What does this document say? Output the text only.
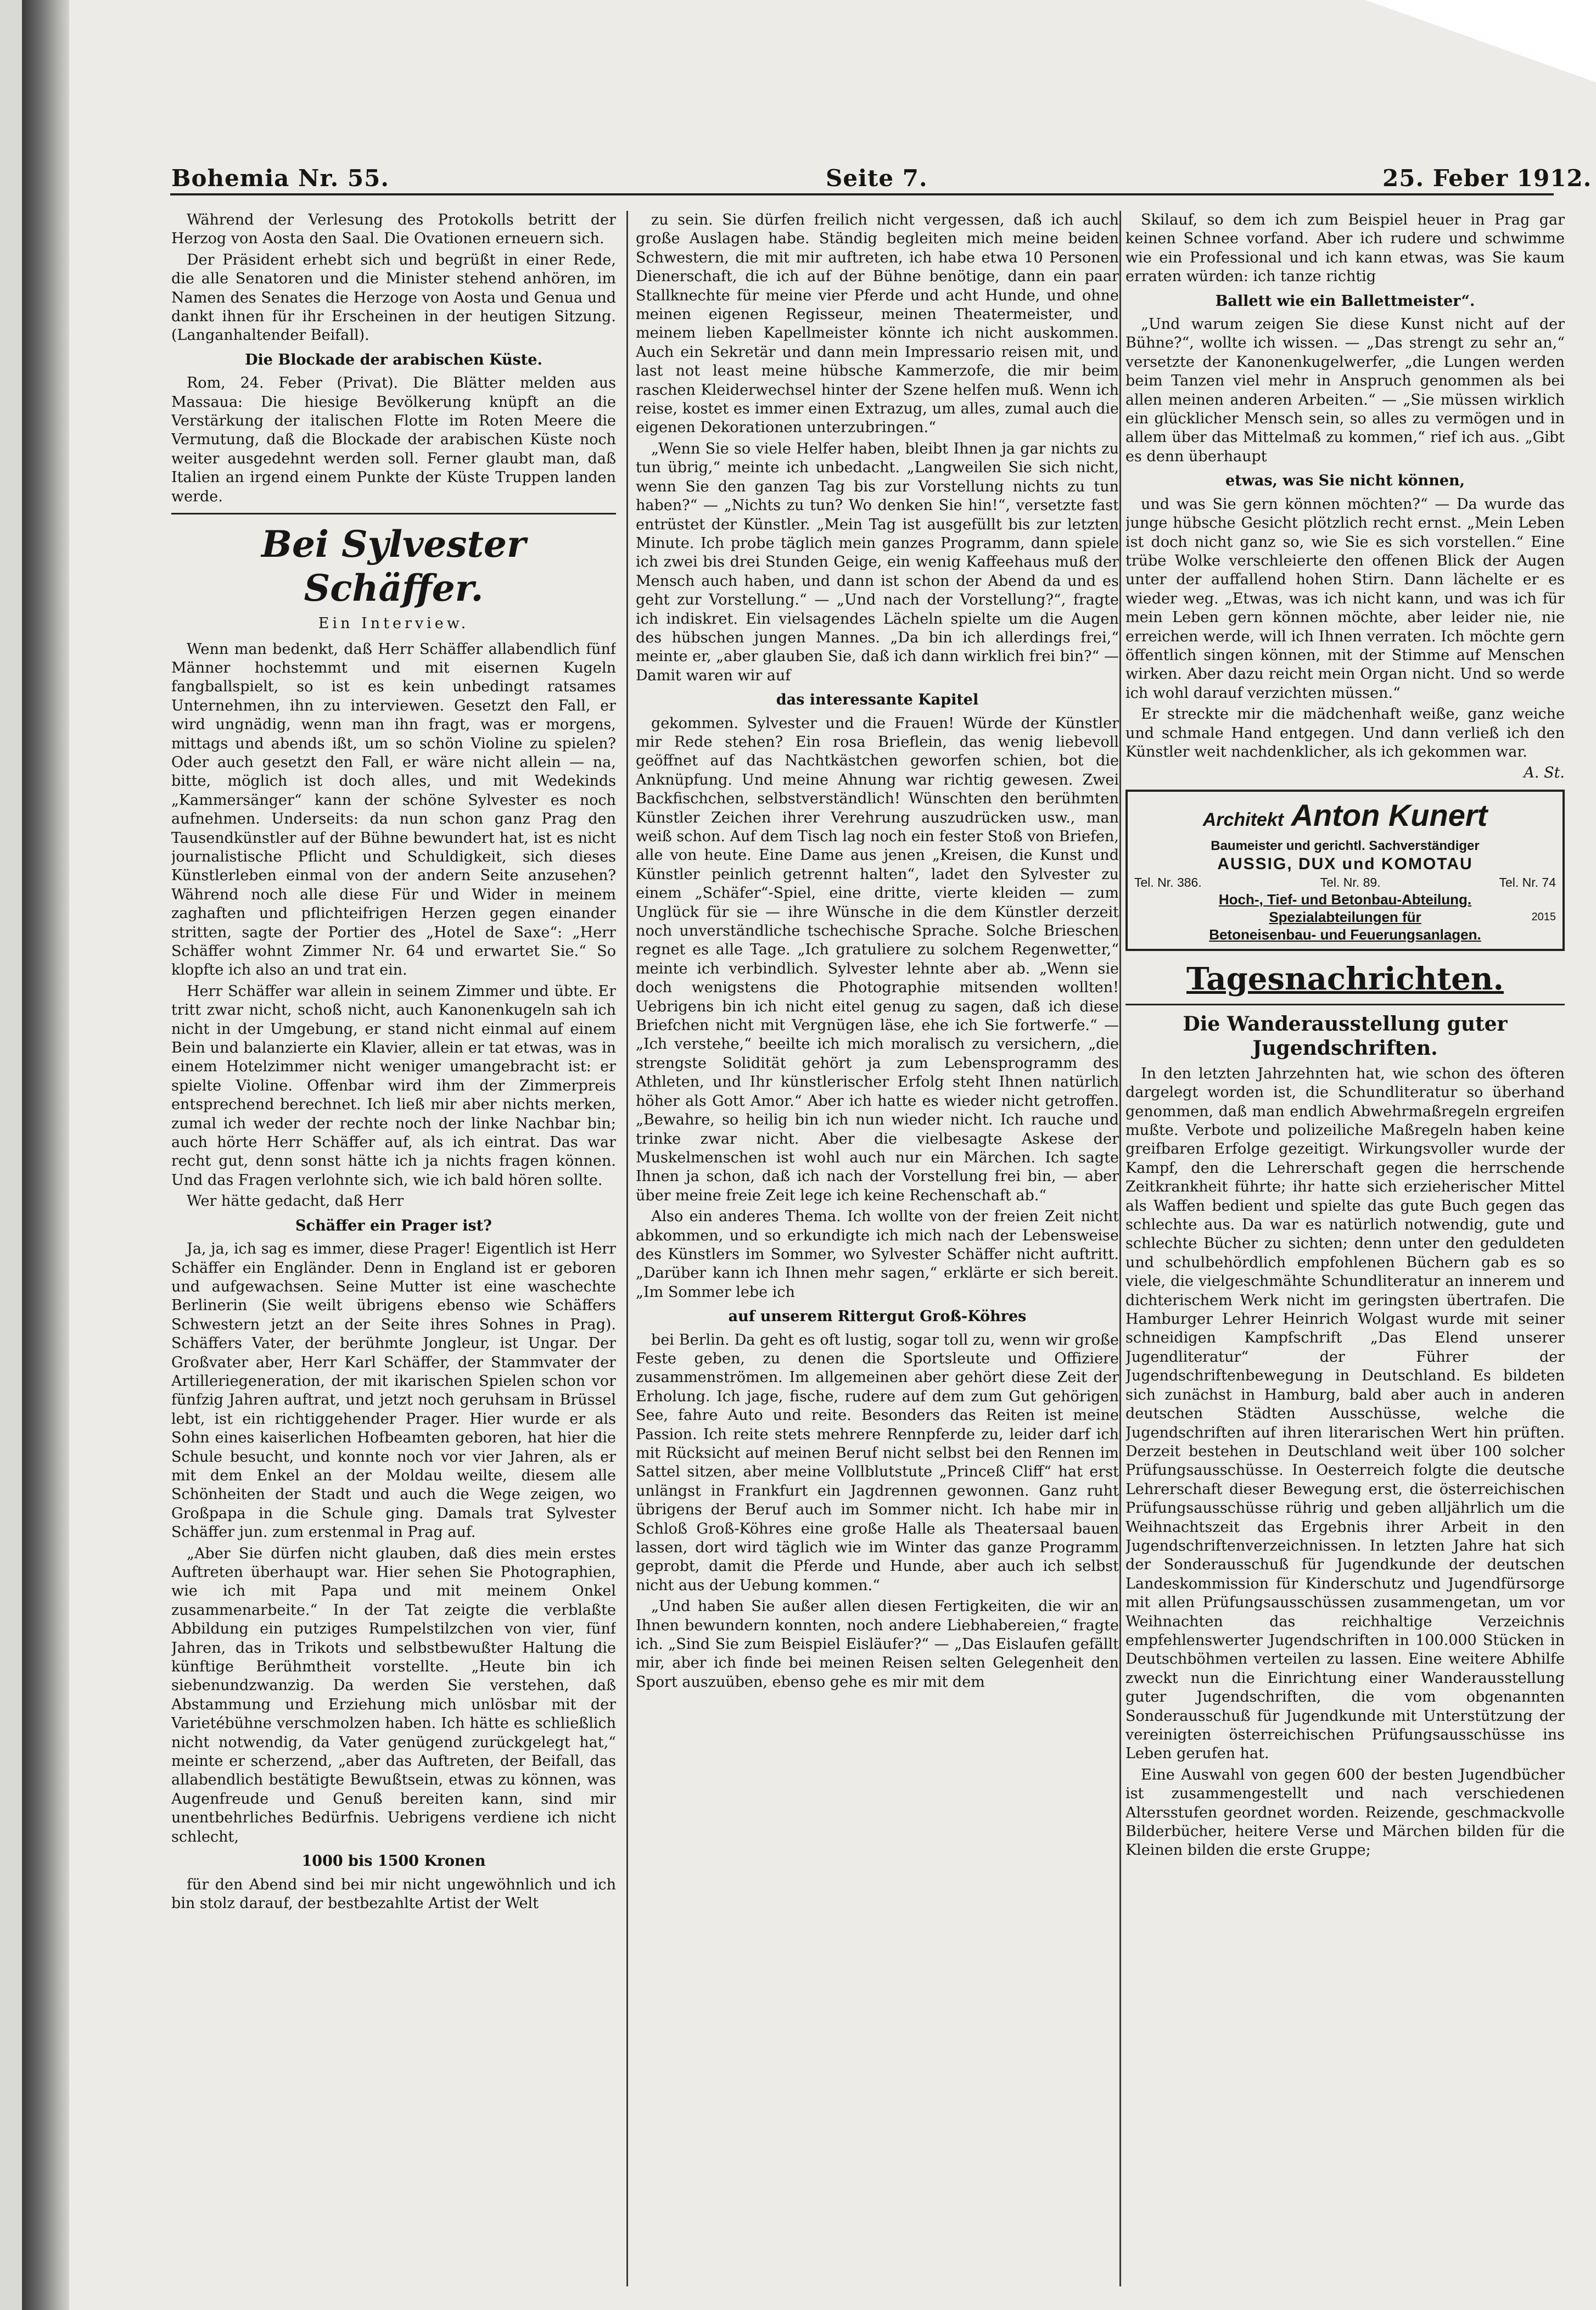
Bohemia Nr. 55.	Seite 7.	25. Feber 1912.

Während der Verlesung des Protokolls betritt der Herzog von Aosta den Saal. Die Ovationen erneuern sich.

Der Präsident erhebt sich und begrüßt in einer Rede, die alle Senatoren und die Minister stehend anhören, im Namen des Senates die Herzoge von Aosta und Genua und dankt ihnen für ihr Erscheinen in der heutigen Sitzung. (Langanhaltender Beifall).

Die Blockade der arabischen Küste.

Rom, 24. Feber (Privat). Die Blätter melden aus Massaua: Die hiesige Bevölkerung knüpft an die Verstärkung der italischen Flotte im Roten Meere die Vermutung, daß die Blockade der arabischen Küste noch weiter ausgedehnt werden soll. Ferner glaubt man, daß Italien an irgend einem Punkte der Küste Truppen landen werde.

Bei Sylvester Schäffer.
Ein Interview.

Wenn man bedenkt, daß Herr Schäffer allabendlich fünf Männer hochstemmt und mit eisernen Kugeln fangballspielt, so ist es kein unbedingt ratsames Unternehmen, ihn zu interviewen. Gesetzt den Fall, er wird ungnädig, wenn man ihn fragt, was er morgens, mittags und abends ißt, um so schön Violine zu spielen? Oder auch gesetzt den Fall, er wäre nicht allein — na, bitte, möglich ist doch alles, und mit Wedekinds „Kammersänger“ kann der schöne Sylvester es noch aufnehmen. Underseits: da nun schon ganz Prag den Tausendkünstler auf der Bühne bewundert hat, ist es nicht journalistische Pflicht und Schuldigkeit, sich dieses Künstlerleben einmal von der andern Seite anzusehen? Während noch alle diese Für und Wider in meinem zaghaften und pflichteifrigen Herzen gegen einander stritten, sagte der Portier des „Hotel de Saxe“: „Herr Schäffer wohnt Zimmer Nr. 64 und erwartet Sie.“ So klopfte ich also an und trat ein.

Herr Schäffer war allein in seinem Zimmer und übte. Er tritt zwar nicht, schoß nicht, auch Kanonenkugeln sah ich nicht in der Umgebung, er stand nicht einmal auf einem Bein und balanzierte ein Klavier, allein er tat etwas, was in einem Hotelzimmer nicht weniger umangebracht ist: er spielte Violine. Offenbar wird ihm der Zimmerpreis entsprechend berechnet. Ich ließ mir aber nichts merken, zumal ich weder der rechte noch der linke Nachbar bin; auch hörte Herr Schäffer auf, als ich eintrat. Das war recht gut, denn sonst hätte ich ja nichts fragen können. Und das Fragen verlohnte sich, wie ich bald hören sollte.

Wer hätte gedacht, daß Herr

Schäffer ein Prager ist?

Ja, ja, ich sag es immer, diese Prager! Eigentlich ist Herr Schäffer ein Engländer. Denn in England ist er geboren und aufgewachsen. Seine Mutter ist eine waschechte Berlinerin (Sie weilt übrigens ebenso wie Schäffers Schwestern jetzt an der Seite ihres Sohnes in Prag). Schäffers Vater, der berühmte Jongleur, ist Ungar. Der Großvater aber, Herr Karl Schäffer, der Stammvater der Artilleriegeneration, der mit ikarischen Spielen schon vor fünfzig Jahren auftrat, und jetzt noch geruhsam in Brüssel lebt, ist ein richtiggehender Prager. Hier wurde er als Sohn eines kaiserlichen Hofbeamten geboren, hat hier die Schule besucht, und konnte noch vor vier Jahren, als er mit dem Enkel an der Moldau weilte, diesem alle Schönheiten der Stadt und auch die Wege zeigen, wo Großpapa in die Schule ging. Damals trat Sylvester Schäffer jun. zum erstenmal in Prag auf.

„Aber Sie dürfen nicht glauben, daß dies mein erstes Auftreten überhaupt war. Hier sehen Sie Photographien, wie ich mit Papa und mit meinem Onkel zusammenarbeite.“ In der Tat zeigte die verblaßte Abbildung ein putziges Rumpelstilzchen von vier, fünf Jahren, das in Trikots und selbstbewußter Haltung die künftige Berühmtheit vorstellte. „Heute bin ich siebenundzwanzig. Da werden Sie verstehen, daß Abstammung und Erziehung mich unlösbar mit der Varietébühne verschmolzen haben. Ich hätte es schließlich nicht notwendig, da Vater genügend zurückgelegt hat,“ meinte er scherzend, „aber das Auftreten, der Beifall, das allabendlich bestätigte Bewußtsein, etwas zu können, was Augenfreude und Genuß bereiten kann, sind mir unentbehrliches Bedürfnis. Uebrigens verdiene ich nicht schlecht,

1000 bis 1500 Kronen

für den Abend sind bei mir nicht ungewöhnlich und ich bin stolz darauf, der bestbezahlte Artist der Welt

zu sein. Sie dürfen freilich nicht vergessen, daß ich auch große Auslagen habe. Ständig begleiten mich meine beiden Schwestern, die mit mir auftreten, ich habe etwa 10 Personen Dienerschaft, die ich auf der Bühne benötige, dann ein paar Stallknechte für meine vier Pferde und acht Hunde, und ohne meinen eigenen Regisseur, meinen Theatermeister, und meinem lieben Kapellmeister könnte ich nicht auskommen. Auch ein Sekretär und dann mein Impressario reisen mit, und last not least meine hübsche Kammerzofe, die mir beim raschen Kleiderwechsel hinter der Szene helfen muß. Wenn ich reise, kostet es immer einen Extrazug, um alles, zumal auch die eigenen Dekorationen unterzubringen.“

„Wenn Sie so viele Helfer haben, bleibt Ihnen ja gar nichts zu tun übrig,“ meinte ich unbedacht. „Langweilen Sie sich nicht, wenn Sie den ganzen Tag bis zur Vorstellung nichts zu tun haben?“ — „Nichts zu tun? Wo denken Sie hin!“, versetzte fast entrüstet der Künstler. „Mein Tag ist ausgefüllt bis zur letzten Minute. Ich probe täglich mein ganzes Programm, dann spiele ich zwei bis drei Stunden Geige, ein wenig Kaffeehaus muß der Mensch auch haben, und dann ist schon der Abend da und es geht zur Vorstellung.“ — „Und nach der Vorstellung?“, fragte ich indiskret. Ein vielsagendes Lächeln spielte um die Augen des hübschen jungen Mannes. „Da bin ich allerdings frei,“ meinte er, „aber glauben Sie, daß ich dann wirklich frei bin?“ — Damit waren wir auf

das interessante Kapitel

gekommen. Sylvester und die Frauen! Würde der Künstler mir Rede stehen? Ein rosa Brieflein, das wenig liebevoll geöffnet auf das Nachtkästchen geworfen schien, bot die Anknüpfung. Und meine Ahnung war richtig gewesen. Zwei Backfischchen, selbstverständlich! Wünschten den berühmten Künstler Zeichen ihrer Verehrung auszudrücken usw., man weiß schon. Auf dem Tisch lag noch ein fester Stoß von Briefen, alle von heute. Eine Dame aus jenen „Kreisen, die Kunst und Künstler peinlich getrennt halten“, ladet den Sylvester zu einem „Schäfer“-Spiel, eine dritte, vierte kleiden — zum Unglück für sie — ihre Wünsche in die dem Künstler derzeit noch unverständliche tschechische Sprache. Solche Brieschen regnet es alle Tage. „Ich gratuliere zu solchem Regenwetter,“ meinte ich verbindlich. Sylvester lehnte aber ab. „Wenn sie doch wenigstens die Photographie mitsenden wollten! Uebrigens bin ich nicht eitel genug zu sagen, daß ich diese Briefchen nicht mit Vergnügen läse, ehe ich Sie fortwerfe.“ — „Ich verstehe,“ beeilte ich mich moralisch zu versichern, „die strengste Solidität gehört ja zum Lebensprogramm des Athleten, und Ihr künstlerischer Erfolg steht Ihnen natürlich höher als Gott Amor.“ Aber ich hatte es wieder nicht getroffen. „Bewahre, so heilig bin ich nun wieder nicht. Ich rauche und trinke zwar nicht. Aber die vielbesagte Askese der Muskelmenschen ist wohl auch nur ein Märchen. Ich sagte Ihnen ja schon, daß ich nach der Vorstellung frei bin, — aber über meine freie Zeit lege ich keine Rechenschaft ab.“

Also ein anderes Thema. Ich wollte von der freien Zeit nicht abkommen, und so erkundigte ich mich nach der Lebensweise des Künstlers im Sommer, wo Sylvester Schäffer nicht auftritt. „Darüber kann ich Ihnen mehr sagen,“ erklärte er sich bereit. „Im Sommer lebe ich

auf unserem Rittergut Groß-Köhres

bei Berlin. Da geht es oft lustig, sogar toll zu, wenn wir große Feste geben, zu denen die Sportsleute und Offiziere zusammenströmen. Im allgemeinen aber gehört diese Zeit der Erholung. Ich jage, fische, rudere auf dem zum Gut gehörigen See, fahre Auto und reite. Besonders das Reiten ist meine Passion. Ich reite stets mehrere Rennpferde zu, leider darf ich mit Rücksicht auf meinen Beruf nicht selbst bei den Rennen im Sattel sitzen, aber meine Vollblutstute „Princeß Cliff“ hat erst unlängst in Frankfurt ein Jagdrennen gewonnen. Ganz ruht übrigens der Beruf auch im Sommer nicht. Ich habe mir in Schloß Groß-Köhres eine große Halle als Theatersaal bauen lassen, dort wird täglich wie im Winter das ganze Programm geprobt, damit die Pferde und Hunde, aber auch ich selbst nicht aus der Uebung kommen.“

„Und haben Sie außer allen diesen Fertigkeiten, die wir an Ihnen bewundern konnten, noch andere Liebhabereien,“ fragte ich. „Sind Sie zum Beispiel Eisläufer?“ — „Das Eislaufen gefällt mir, aber ich finde bei meinen Reisen selten Gelegenheit den Sport auszuüben, ebenso gehe es mir mit dem

Skilauf, so dem ich zum Beispiel heuer in Prag gar keinen Schnee vorfand. Aber ich rudere und schwimme wie ein Professional und ich kann etwas, was Sie kaum erraten würden: ich tanze richtig

Ballett wie ein Ballettmeister“.

„Und warum zeigen Sie diese Kunst nicht auf der Bühne?“, wollte ich wissen. — „Das strengt zu sehr an,“ versetzte der Kanonenkugelwerfer, „die Lungen werden beim Tanzen viel mehr in Anspruch genommen als bei allen meinen anderen Arbeiten.“ — „Sie müssen wirklich ein glücklicher Mensch sein, so alles zu vermögen und in allem über das Mittelmaß zu kommen,“ rief ich aus. „Gibt es denn überhaupt

etwas, was Sie nicht können,

und was Sie gern können möchten?“ — Da wurde das junge hübsche Gesicht plötzlich recht ernst. „Mein Leben ist doch nicht ganz so, wie Sie es sich vorstellen.“ Eine trübe Wolke verschleierte den offenen Blick der Augen unter der auffallend hohen Stirn. Dann lächelte er es wieder weg. „Etwas, was ich nicht kann, und was ich für mein Leben gern können möchte, aber leider nie, nie erreichen werde, will ich Ihnen verraten. Ich möchte gern öffentlich singen können, mit der Stimme auf Menschen wirken. Aber dazu reicht mein Organ nicht. Und so werde ich wohl darauf verzichten müssen.“

Er streckte mir die mädchenhaft weiße, ganz weiche und schmale Hand entgegen. Und dann verließ ich den Künstler weit nachdenklicher, als ich gekommen war.

A. St.
Architekt Anton Kunert
Baumeister und gerichtl. Sachverständiger
AUSSIG, DUX und KOMOTAU
Tel. Nr. 386.	Tel. Nr. 89.	Tel. Nr. 74
Hoch-, Tief- und Betonbau-Abteilung.
Spezialabteilungen für	2015
Betoneisenbau- und Feuerungsanlagen.
Tagesnachrichten.
Die Wanderausstellung guter Jugendschriften.

In den letzten Jahrzehnten hat, wie schon des öfteren dargelegt worden ist, die Schundliteratur so überhand genommen, daß man endlich Abwehrmaßregeln ergreifen mußte. Verbote und polizeiliche Maßregeln haben keine greifbaren Erfolge gezeitigt. Wirkungsvoller wurde der Kampf, den die Lehrerschaft gegen die herrschende Zeitkrankheit führte; ihr hatte sich erzieherischer Mittel als Waffen bedient und spielte das gute Buch gegen das schlechte aus. Da war es natürlich notwendig, gute und schlechte Bücher zu sichten; denn unter den geduldeten und schulbehördlich empfohlenen Büchern gab es so viele, die vielgeschmähte Schundliteratur an innerem und dichterischem Werk nicht im geringsten übertrafen. Die Hamburger Lehrer Heinrich Wolgast wurde mit seiner schneidigen Kampfschrift „Das Elend unserer Jugendliteratur“ der Führer der Jugendschriftenbewegung in Deutschland. Es bildeten sich zunächst in Hamburg, bald aber auch in anderen deutschen Städten Ausschüsse, welche die Jugendschriften auf ihren literarischen Wert hin prüften. Derzeit bestehen in Deutschland weit über 100 solcher Prüfungsausschüsse. In Oesterreich folgte die deutsche Lehrerschaft dieser Bewegung erst, die österreichischen Prüfungsausschüsse rührig und geben alljährlich um die Weihnachtszeit das Ergebnis ihrer Arbeit in den Jugendschriftenverzeichnissen. In letzten Jahre hat sich der Sonderausschuß für Jugendkunde der deutschen Landeskommission für Kinderschutz und Jugendfürsorge mit allen Prüfungsausschüssen zusammengetan, um vor Weihnachten das reichhaltige Verzeichnis empfehlenswerter Jugendschriften in 100.000 Stücken in Deutschböhmen verteilen zu lassen. Eine weitere Abhilfe zweckt nun die Einrichtung einer Wanderausstellung guter Jugendschriften, die vom obgenannten Sonderausschuß für Jugendkunde mit Unterstützung der vereinigten österreichischen Prüfungsausschüsse ins Leben gerufen hat.

Eine Auswahl von gegen 600 der besten Jugendbücher ist zusammengestellt und nach verschiedenen Altersstufen geordnet worden. Reizende, geschmackvolle Bilderbücher, heitere Verse und Märchen bilden für die Kleinen bilden die erste Gruppe;
